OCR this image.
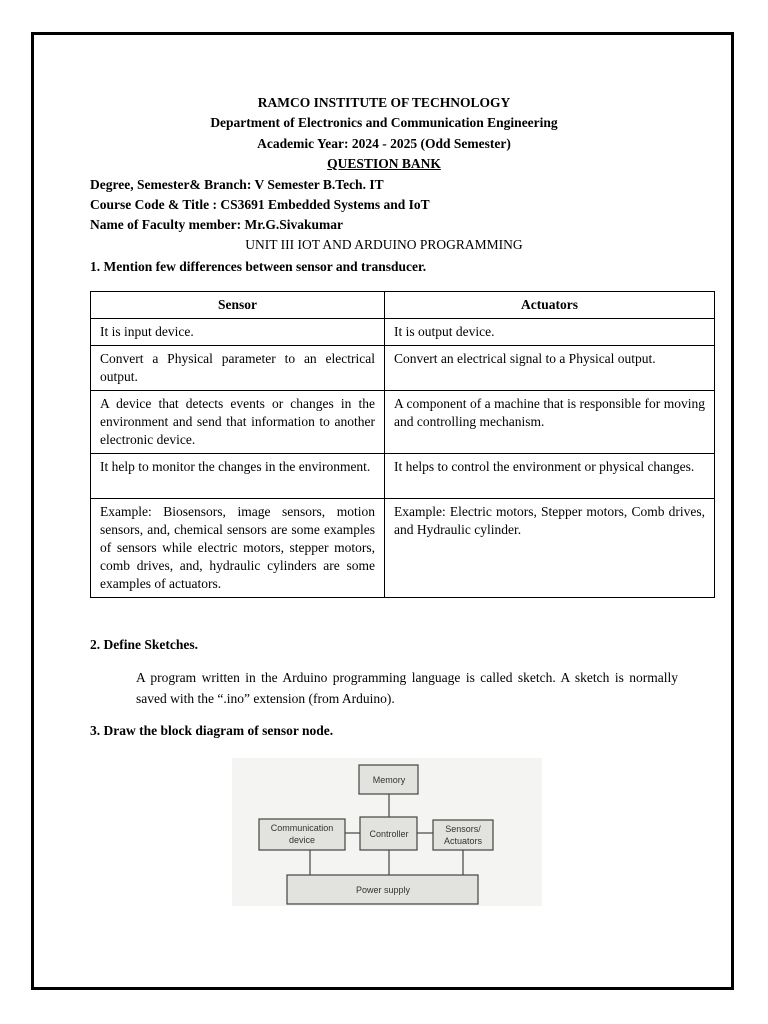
RAMCO INSTITUTE OF TECHNOLOGY
Department of Electronics and Communication Engineering
Academic Year: 2024 - 2025 (Odd Semester)
QUESTION BANK
Degree, Semester& Branch: V Semester B.Tech. IT
Course Code & Title : CS3691 Embedded Systems and IoT
Name of Faculty member: Mr.G.Sivakumar
UNIT III IOT AND ARDUINO PROGRAMMING
1. Mention few differences between sensor and transducer.
Sensor	Actuators
It is input device.	It is output device.
Convert a Physical parameter to an electrical output.	Convert an electrical signal to a Physical output.
A device that detects events or changes in the environment and send that information to another electronic device.	A component of a machine that is responsible for moving and controlling mechanism.
It help to monitor the changes in the environment.	It helps to control the environment or physical changes.
Example: Biosensors, image sensors, motion sensors, and, chemical sensors are some examples of sensors while electric motors, stepper motors, comb drives, and, hydraulic cylinders are some examples of actuators.	Example: Electric motors, Stepper motors, Comb drives, and Hydraulic cylinder.
2. Define Sketches.
A program written in the Arduino programming language is called sketch. A sketch is normally saved with the “.ino” extension (from Arduino).
3. Draw the block diagram of sensor node.
Memory
Controller
Communication
device
Sensors/
Actuators
Power supply
